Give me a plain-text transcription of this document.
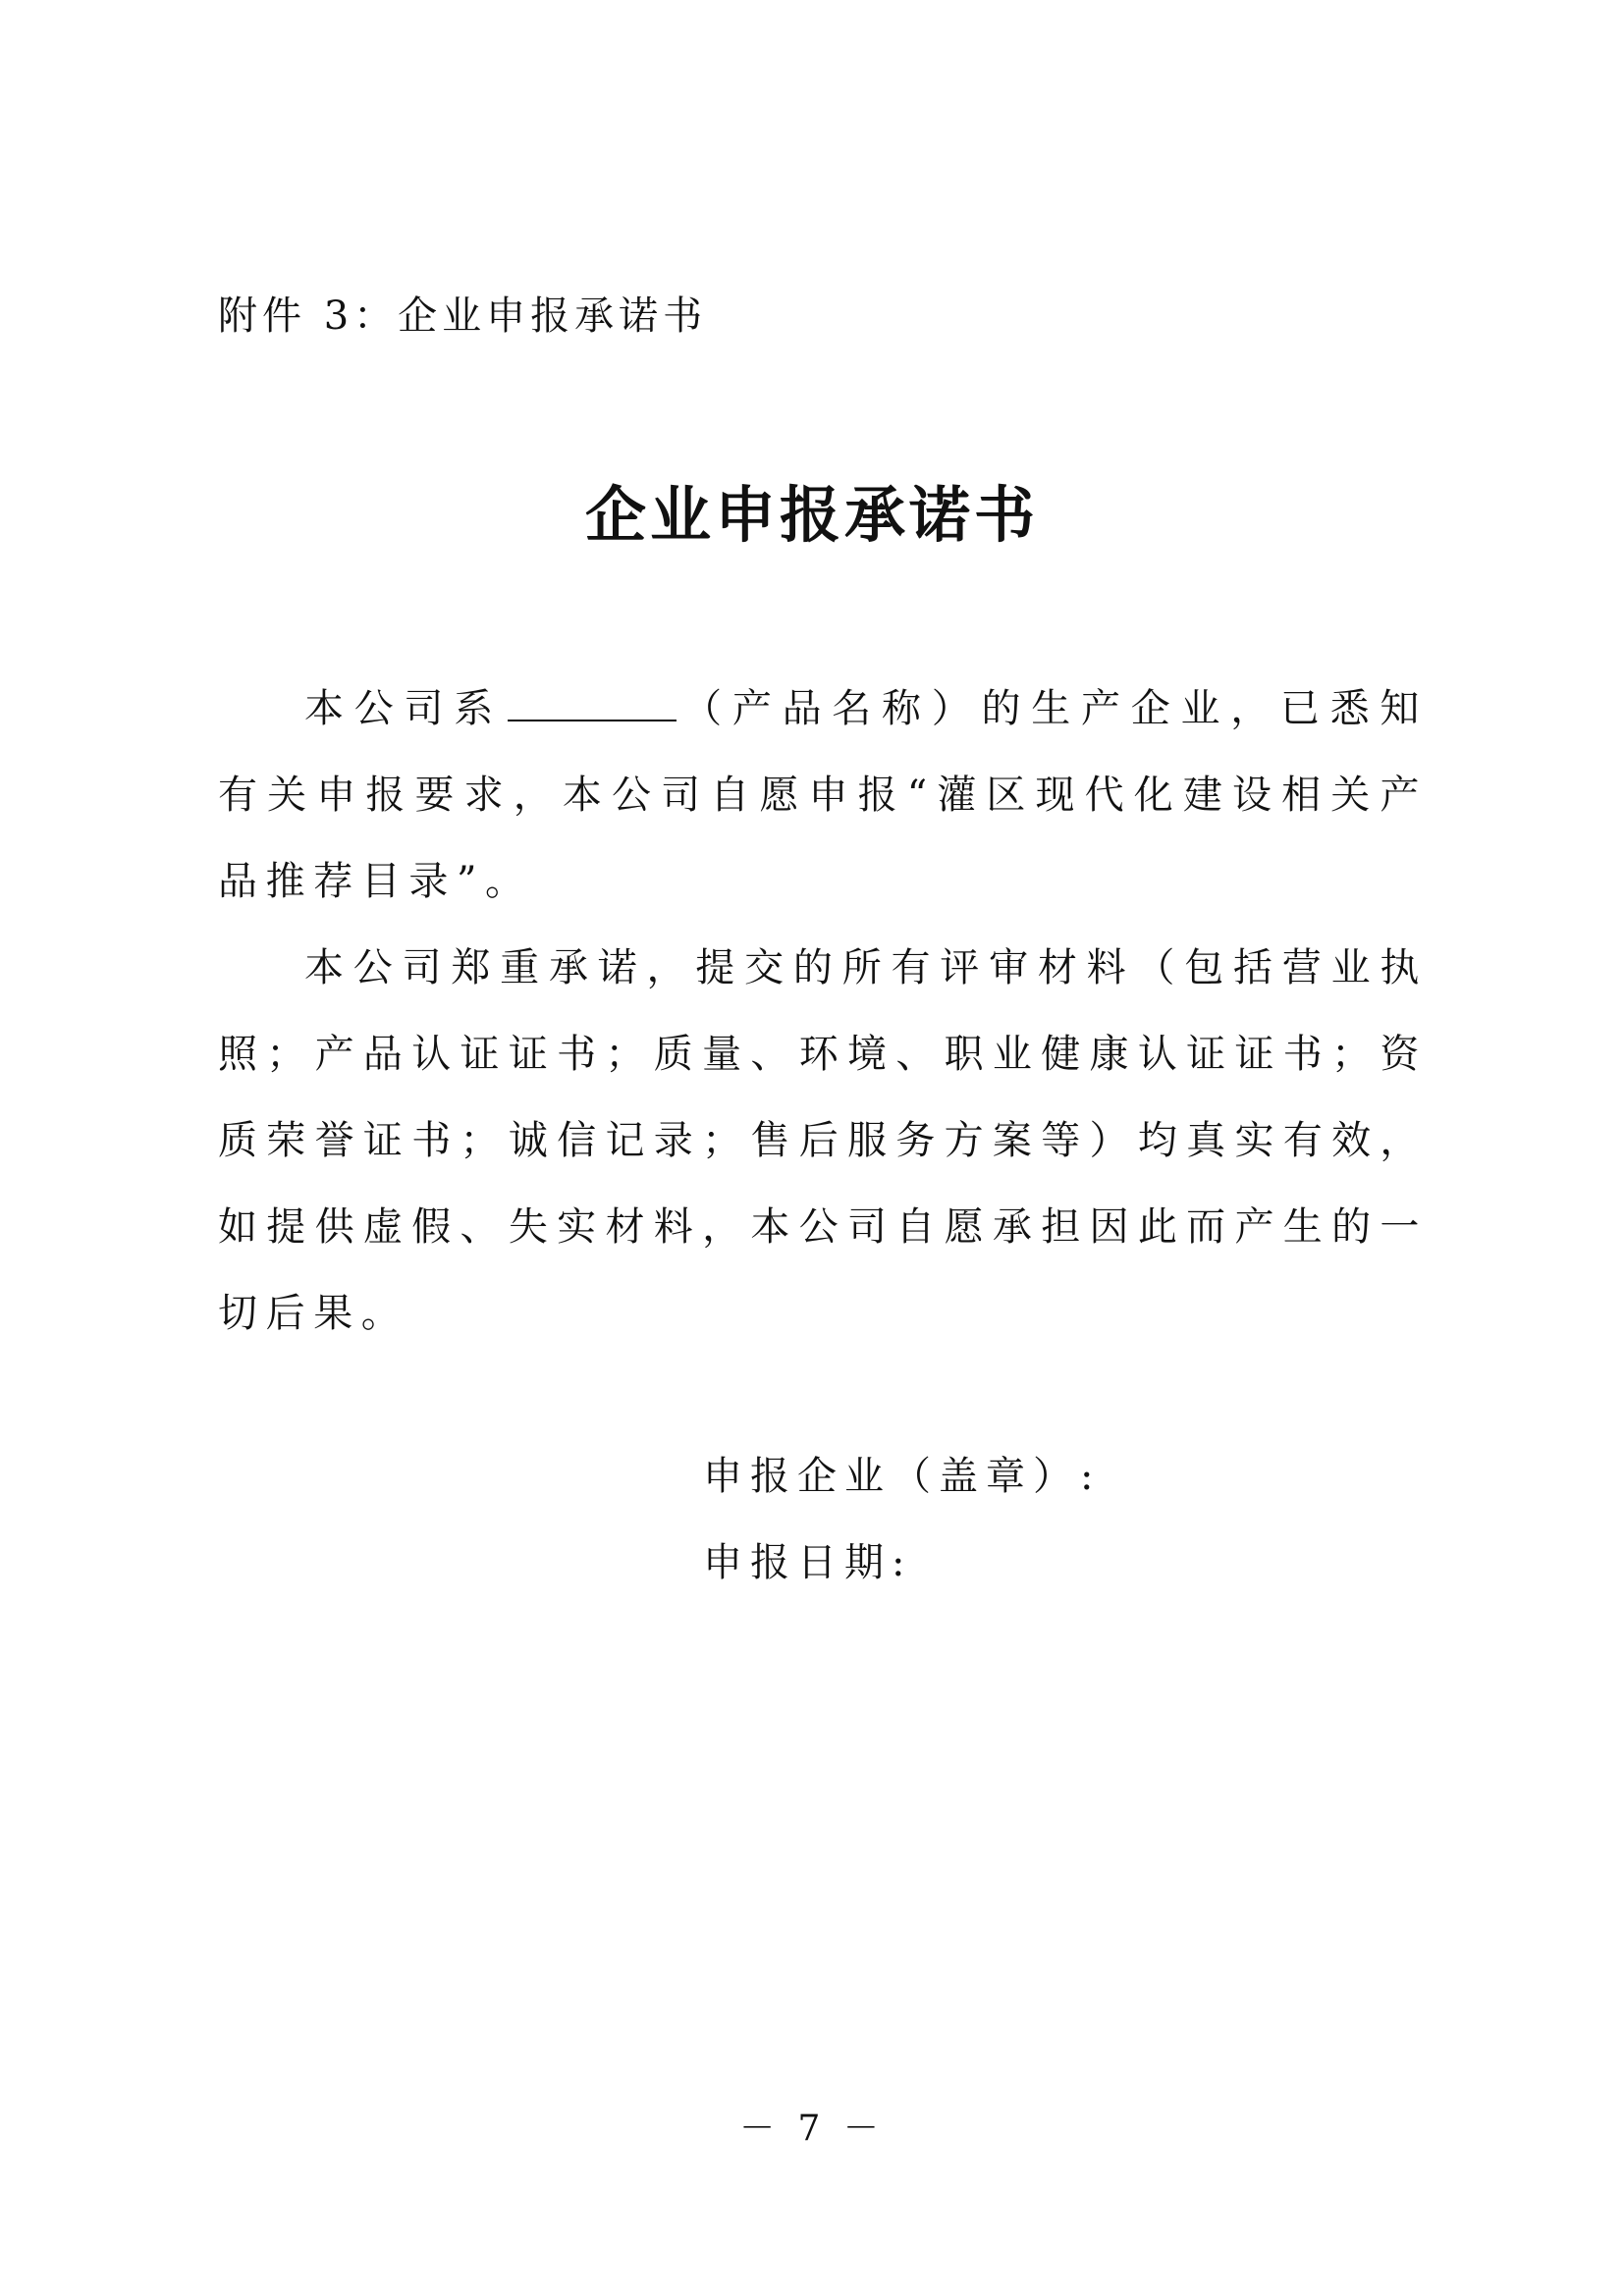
附件 3：企业申报承诺书
企业申报承诺书

本公司系	（产品名称）的生产企业，已悉知有关申报要求，本公司自愿申报“灌区现代化建设相关产品推荐目录”。

本公司郑重承诺，提交的所有评审材料（包括营业执照；产品认证证书；质量、环境、职业健康认证证书；资质荣誉证书；诚信记录；售后服务方案等）均真实有效，如提供虚假、失实材料，本公司自愿承担因此而产生的一切后果。

申报企业（盖章）:
申报日期:
－ 7 －
